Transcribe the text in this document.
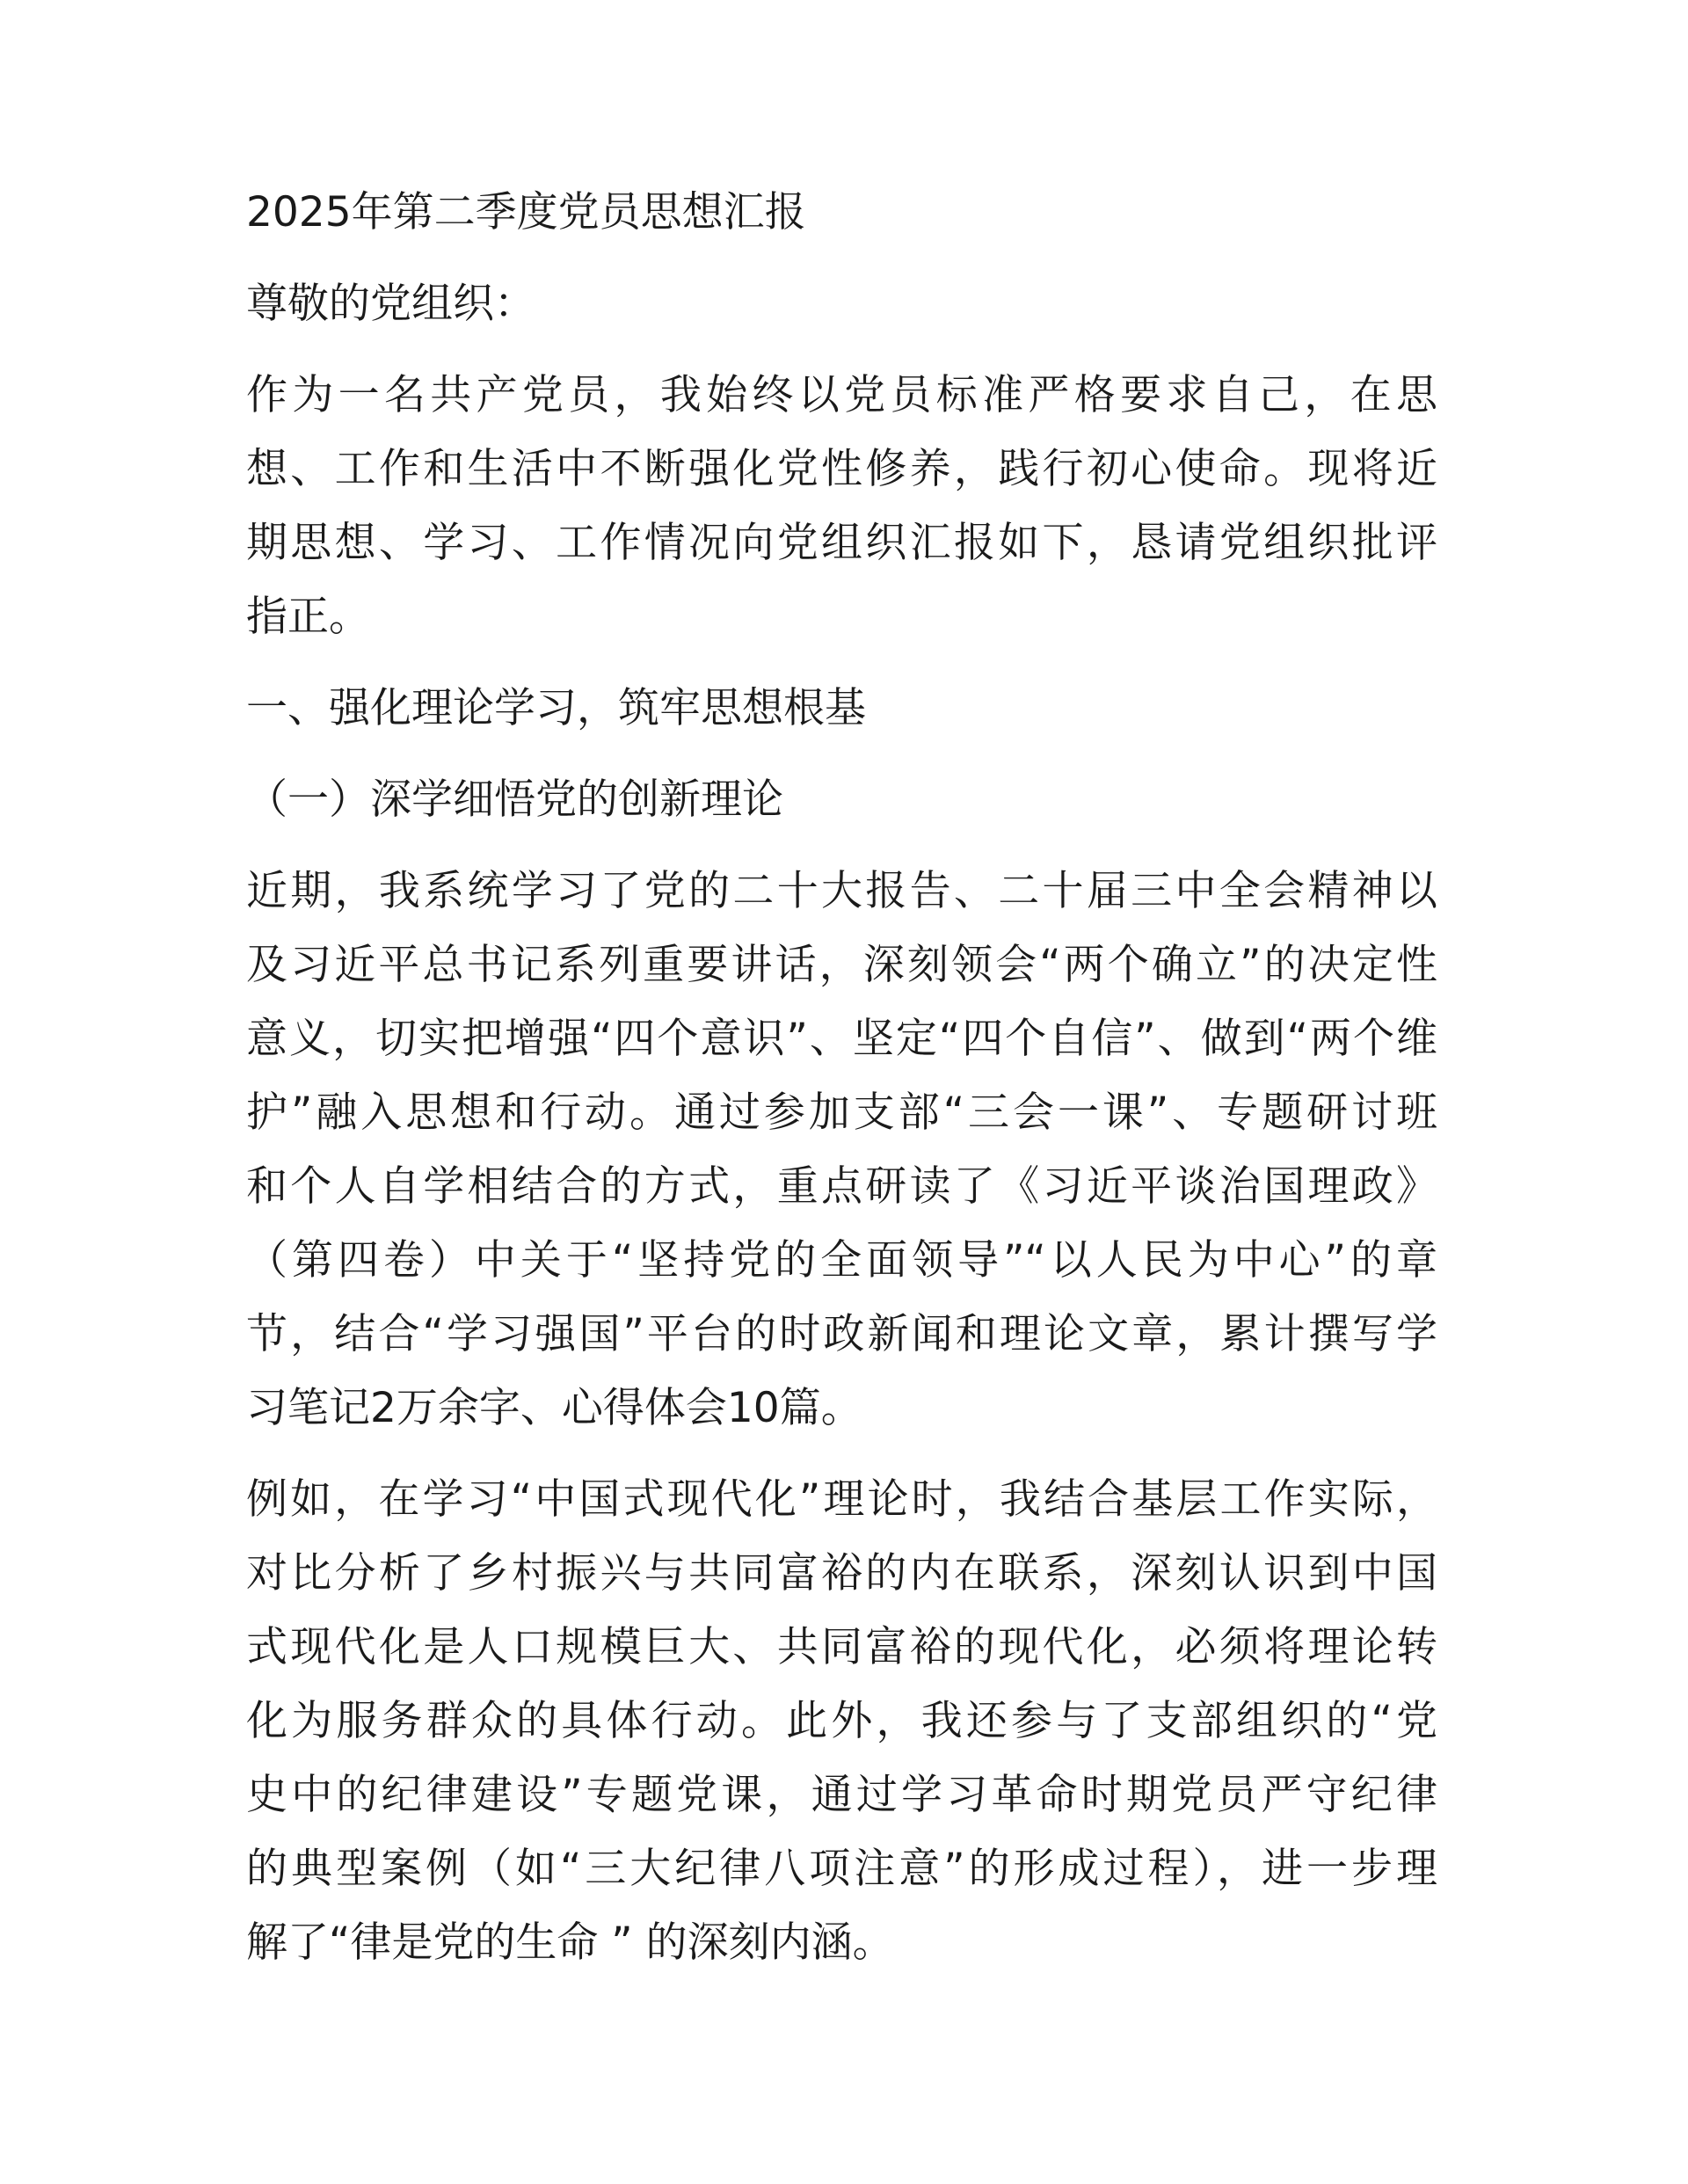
2025年第二季度党员思想汇报
尊敬的党组织：
作为一名共产党员，我始终以党员标准严格要求自己，在思
想、工作和生活中不断强化党性修养，践行初心使命。现将近
期思想、学习、工作情况向党组织汇报如下，恳请党组织批评
指正。
一、强化理论学习，筑牢思想根基
（一）深学细悟党的创新理论
近期，我系统学习了党的二十大报告、二十届三中全会精神以
及习近平总书记系列重要讲话，深刻领会“两个确立”的决定性
意义，切实把增强“四个意识”、坚定“四个自信”、做到“两个维
护”融入思想和行动。通过参加支部“三会一课”、专题研讨班
和个人自学相结合的方式，重点研读了《习近平谈治国理政》
（第四卷）中关于“坚持党的全面领导”“以人民为中心”的章
节，结合“学习强国”平台的时政新闻和理论文章，累计撰写学
习笔记2万余字、心得体会10篇。
例如，在学习“中国式现代化”理论时，我结合基层工作实际，
对比分析了乡村振兴与共同富裕的内在联系，深刻认识到中国
式现代化是人口规模巨大、共同富裕的现代化，必须将理论转
化为服务群众的具体行动。此外，我还参与了支部组织的“党
史中的纪律建设”专题党课，通过学习革命时期党员严守纪律
的典型案例（如“三大纪律八项注意”的形成过程），进一步理
解了“律是党的生命 ” 的深刻内涵。
